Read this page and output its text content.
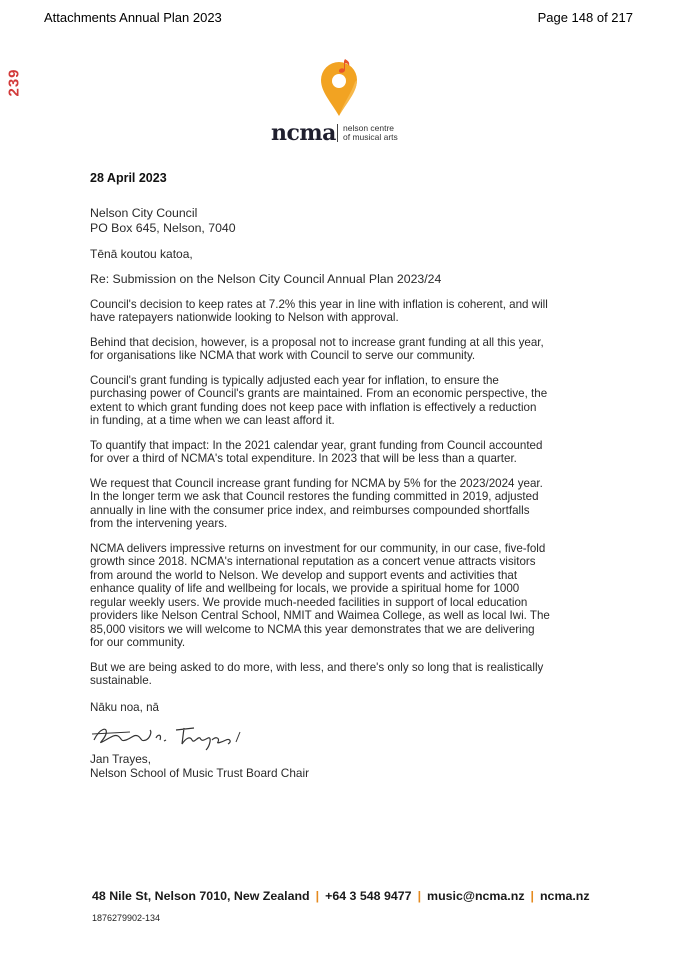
Attachments Annual Plan 2023	Page 148 of 217
239
ncma nelson centre
of musical arts
28 April 2023
Nelson City Council
PO Box 645, Nelson, 7040
Tēnā koutou katoa,
Re: Submission on the Nelson City Council Annual Plan 2023/24

Council's decision to keep rates at 7.2% this year in line with inflation is coherent, and will

have ratepayers nationwide looking to Nelson with approval.

Behind that decision, however, is a proposal not to increase grant funding at all this year,

for organisations like NCMA that work with Council to serve our community.

Council's grant funding is typically adjusted each year for inflation, to ensure the

purchasing power of Council's grants are maintained. From an economic perspective, the

extent to which grant funding does not keep pace with inflation is effectively a reduction

in funding, at a time when we can least afford it.

To quantify that impact: In the 2021 calendar year, grant funding from Council accounted

for over a third of NCMA's total expenditure. In 2023 that will be less than a quarter.

We request that Council increase grant funding for NCMA by 5% for the 2023/2024 year.

In the longer term we ask that Council restores the funding committed in 2019, adjusted

annually in line with the consumer price index, and reimburses compounded shortfalls

from the intervening years.

NCMA delivers impressive returns on investment for our community, in our case, five-fold

growth since 2018. NCMA's international reputation as a concert venue attracts visitors

from around the world to Nelson. We develop and support events and activities that

enhance quality of life and wellbeing for locals, we provide a spiritual home for 1000

regular weekly users. We provide much-needed facilities in support of local education

providers like Nelson Central School, NMIT and Waimea College, as well as local Iwi. The

85,000 visitors we will welcome to NCMA this year demonstrates that we are delivering

for our community.

But we are being asked to do more, with less, and there's only so long that is realistically

sustainable.

Nāku noa, nā
Jan Trayes,
Nelson School of Music Trust Board Chair
48 Nile St, Nelson 7010, New Zealand | +64 3 548 9477 | music@ncma.nz | ncma.nz
1876279902-134
